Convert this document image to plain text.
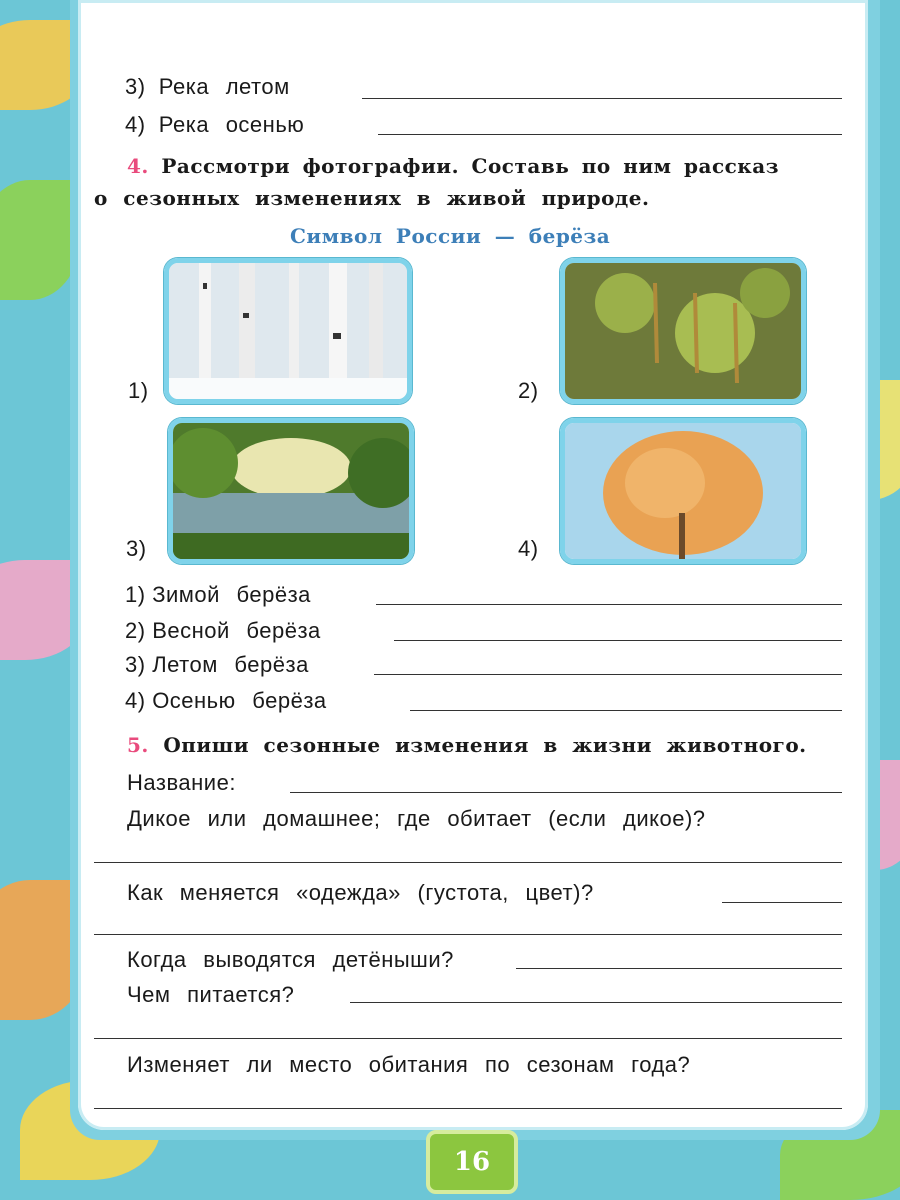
3) Река летом
4) Река осенью
4. Рассмотри фотографии. Составь по ним рассказ
о сезонных изменениях в живой природе.
Символ России — берёза
1)	2)
3)	4)
1) Зимой берёза
2) Весной берёза
3) Летом берёза
4) Осенью берёза
5. Опиши сезонные изменения в жизни животного.
Название:
Дикое или домашнее; где обитает (если дикое)?
Как меняется «одежда» (густота, цвет)?
Когда выводятся детёныши?
Чем питается?
Изменяет ли место обитания по сезонам года?
16
